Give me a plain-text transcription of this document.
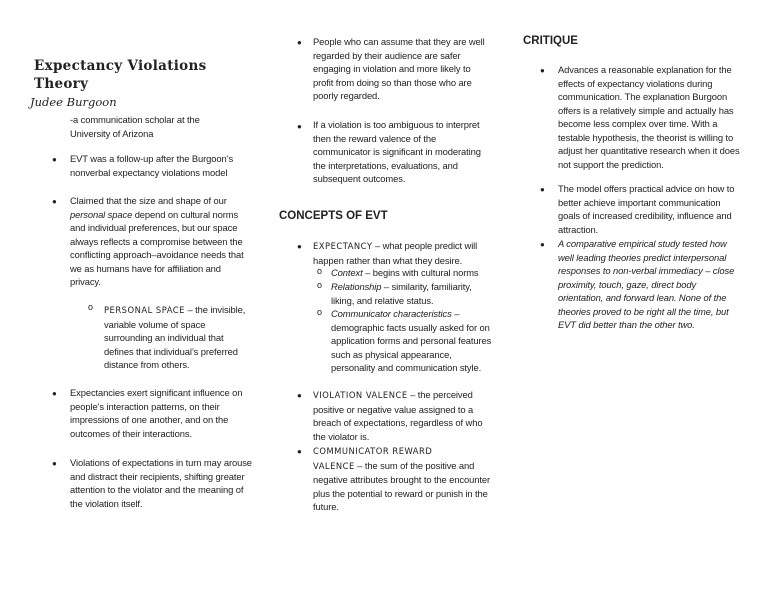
Expectancy Violations Theory
Judee Burgoon
-a communication scholar at the University of Arizona
● EVT was a follow-up after the Burgoon’s nonverbal expectancy violations model
● Claimed that the size and shape of our personal space depend on cultural norms and individual preferences, but our space always reflects a compromise between the conflicting approach–avoidance needs that we as humans have for affiliation and privacy.
o PERSONAL SPACE – the invisible, variable volume of space surrounding an individual that defines that individual’s preferred distance from others.
● Expectancies exert significant influence on people’s interaction patterns, on their impressions of one another, and on the outcomes of their interactions.
● Violations of expectations in turn may arouse and distract their recipients, shifting greater attention to the violator and the meaning of the violation itself.
● People who can assume that they are well regarded by their audience are safer engaging in violation and more likely to profit from doing so than those who are poorly regarded.
● If a violation is too ambiguous to interpret then the reward valence of the communicator is significant in moderating the interpretations, evaluations, and subsequent outcomes.
CONCEPTS OF EVT
● EXPECTANCY – what people predict will happen rather than what they desire.
o Context – begins with cultural norms
o Relationship – similarity, familiarity, liking, and relative status.
o Communicator characteristics – demographic facts usually asked for on application forms and personal features such as physical appearance, personality and communication style.
● VIOLATION VALENCE – the perceived positive or negative value assigned to a breach of expectations, regardless of who the violator is.
● COMMUNICATOR REWARD
VALENCE – the sum of the positive and negative attributes brought to the encounter plus the potential to reward or punish in the future.
CRITIQUE
● Advances a reasonable explanation for the effects of expectancy violations during communication. The explanation Burgoon offers is a relatively simple and actually has become less complex over time. With a testable hypothesis, the theorist is willing to adjust her quantitative research when it does not support the prediction.
● The model offers practical advice on how to better achieve important communication goals of increased credibility, influence and attraction.
● A comparative empirical study tested how well leading theories predict interpersonal responses to non-verbal immediacy – close proximity, touch, gaze, direct body orientation, and forward lean. None of the theories proved to be right all the time, but EVT did better than the other two.
